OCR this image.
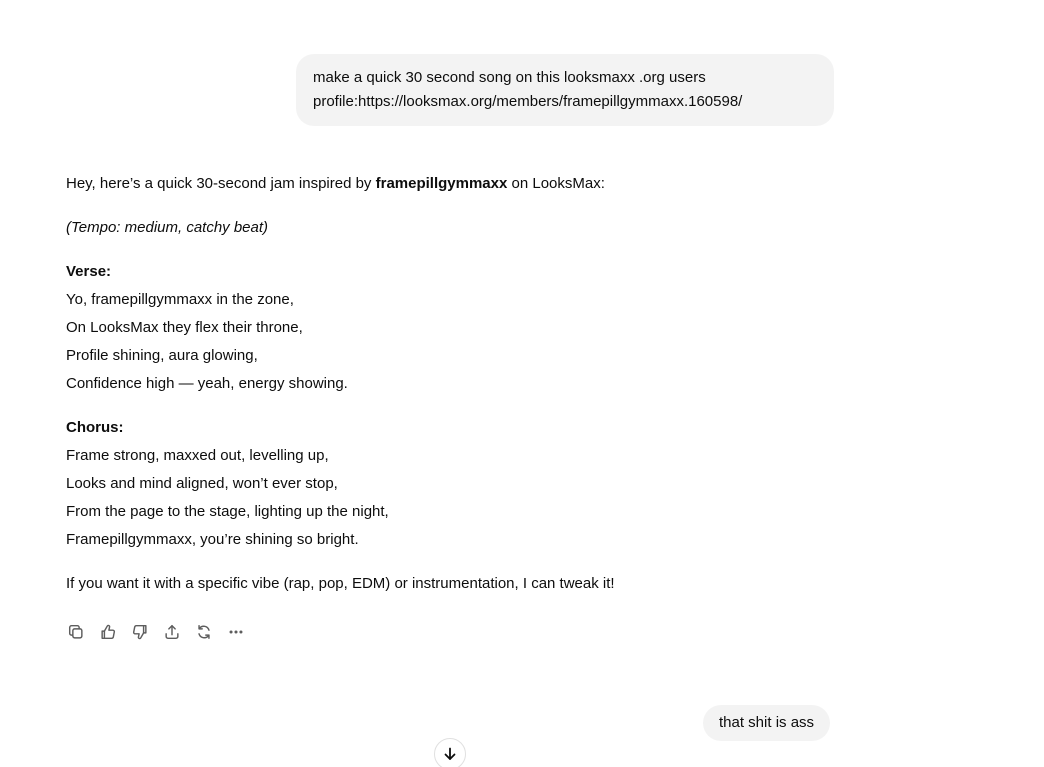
make a quick 30 second song on this looksmaxx .org users
profile:https://looksmax.org/members/framepillgymmaxx.160598/

Hey, here’s a quick 30-second jam inspired by framepillgymmaxx on LooksMax:

(Tempo: medium, catchy beat)

Verse:
Yo, framepillgymmaxx in the zone,
On LooksMax they flex their throne,
Profile shining, aura glowing,
Confidence high — yeah, energy showing.

Chorus:
Frame strong, maxxed out, levelling up,
Looks and mind aligned, won’t ever stop,
From the page to the stage, lighting up the night,
Framepillgymmaxx, you’re shining so bright.

If you want it with a specific vibe (rap, pop, EDM) or instrumentation, I can tweak it!

that shit is ass
